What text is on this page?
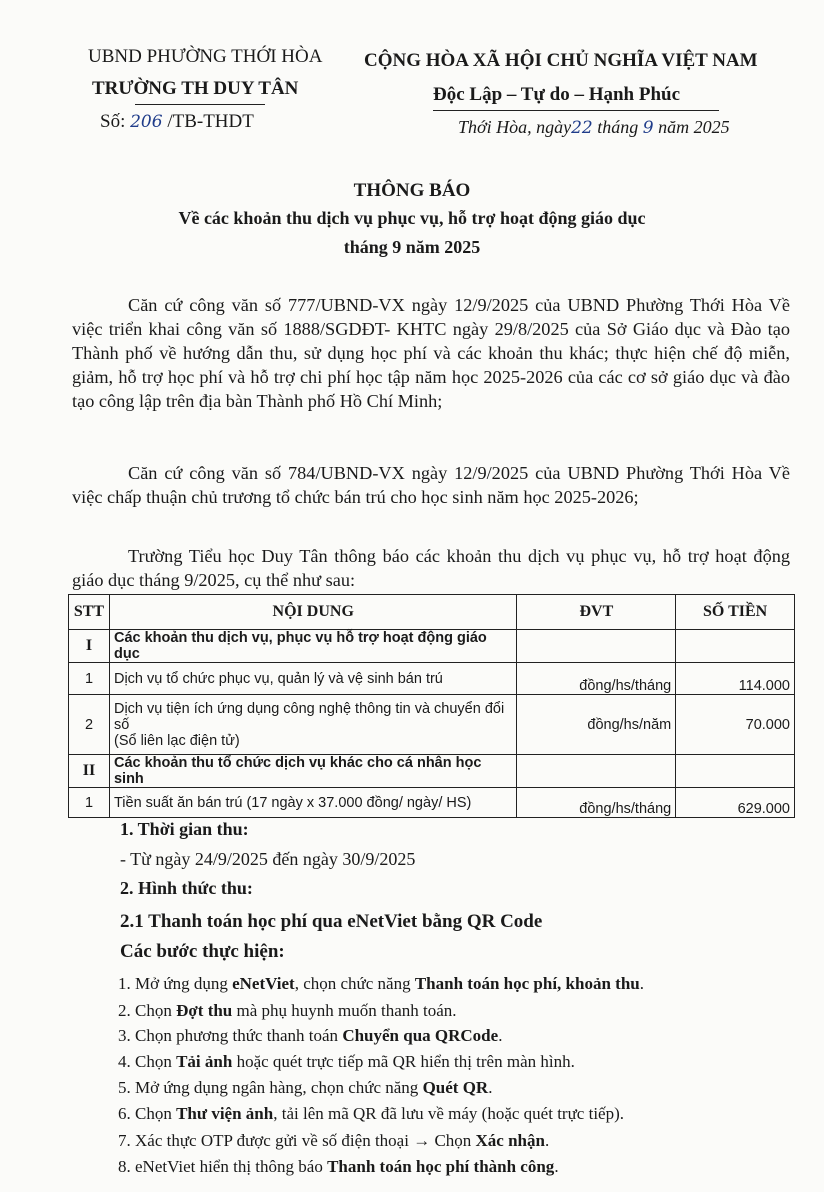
UBND PHƯỜNG THỚI HÒA
TRƯỜNG TH DUY TÂN
Số: 206 /TB-THDT
CỘNG HÒA XÃ HỘI CHỦ NGHĨA VIỆT NAM
Độc Lập – Tự do – Hạnh Phúc
Thới Hòa, ngày22 tháng 9 năm 2025
THÔNG BÁO
Về các khoản thu dịch vụ phục vụ, hỗ trợ hoạt động giáo dục
tháng 9 năm 2025
Căn cứ công văn số 777/UBND-VX ngày 12/9/2025 của UBND Phường Thới Hòa Về việc triển khai công văn số 1888/SGDĐT- KHTC ngày 29/8/2025 của Sở Giáo dục và Đào tạo Thành phố về hướng dẫn thu, sử dụng học phí và các khoản thu khác; thực hiện chế độ miễn, giảm, hỗ trợ học phí và hỗ trợ chi phí học tập năm học 2025-2026 của các cơ sở giáo dục và đào tạo công lập trên địa bàn Thành phố Hồ Chí Minh;
Căn cứ công văn số 784/UBND-VX ngày 12/9/2025 của UBND Phường Thới Hòa Về việc chấp thuận chủ trương tổ chức bán trú cho học sinh năm học 2025-2026;
Trường Tiểu học Duy Tân thông báo các khoản thu dịch vụ phục vụ, hỗ trợ hoạt động giáo dục tháng 9/2025, cụ thể như sau:
STT	NỘI DUNG	ĐVT	SỐ TIỀN
I	Các khoản thu dịch vụ, phục vụ hỗ trợ hoạt động giáo dục		
1	Dịch vụ tổ chức phục vụ, quản lý và vệ sinh bán trú	đồng/hs/tháng	114.000
2	Dịch vụ tiện ích ứng dụng công nghệ thông tin và chuyển đổi số
(Sổ liên lạc điện tử)	đồng/hs/năm	70.000
II	Các khoản thu tổ chức dịch vụ khác cho cá nhân học sinh		
1	Tiền suất ăn bán trú (17 ngày x 37.000 đồng/ ngày/ HS)	đồng/hs/tháng	629.000
1. Thời gian thu:
- Từ ngày 24/9/2025 đến ngày 30/9/2025
2. Hình thức thu:
2.1 Thanh toán học phí qua eNetViet bằng QR Code
Các bước thực hiện:
1. Mở ứng dụng eNetViet, chọn chức năng Thanh toán học phí, khoản thu.
2. Chọn Đợt thu mà phụ huynh muốn thanh toán.
3. Chọn phương thức thanh toán Chuyển qua QRCode.
4. Chọn Tải ảnh hoặc quét trực tiếp mã QR hiển thị trên màn hình.
5. Mở ứng dụng ngân hàng, chọn chức năng Quét QR.
6. Chọn Thư viện ảnh, tải lên mã QR đã lưu về máy (hoặc quét trực tiếp).
7. Xác thực OTP được gửi về số điện thoại → Chọn Xác nhận.
8. eNetViet hiển thị thông báo Thanh toán học phí thành công.
